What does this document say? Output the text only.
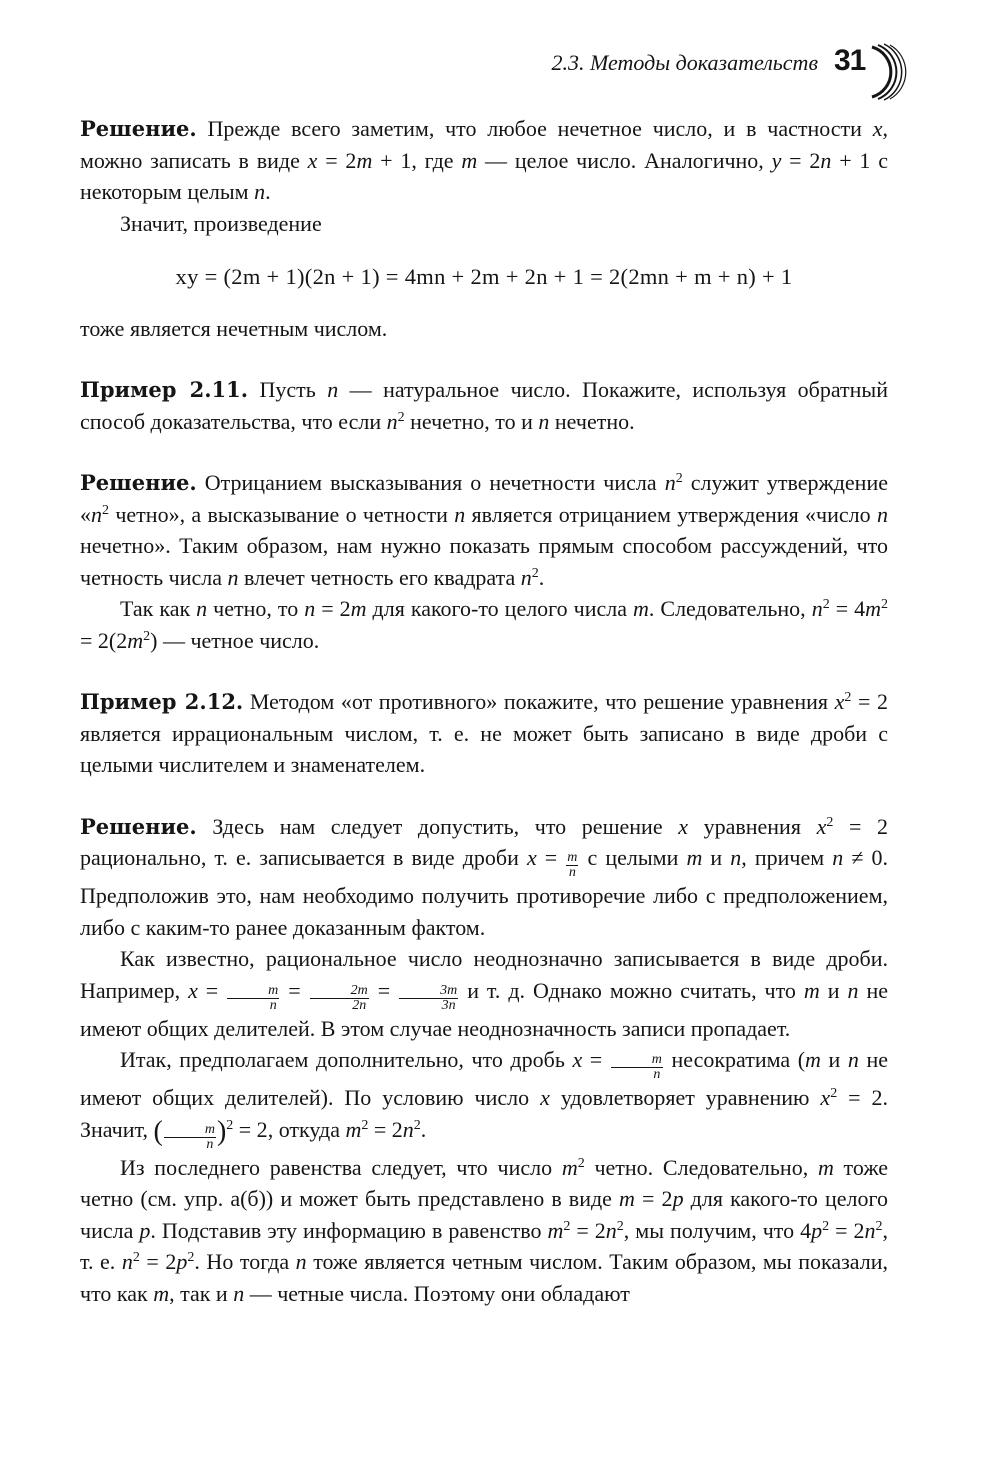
2.3. Методы доказательств 31

Решение. Прежде всего заметим, что любое нечетное число, и в частности x, можно записать в виде x = 2m + 1, где m — целое число. Аналогично, y = 2n + 1 с некоторым целым n.

Значит, произведение

xy = (2m + 1)(2n + 1) = 4mn + 2m + 2n + 1 = 2(2mn + m + n) + 1

тоже является нечетным числом.

Пример 2.11. Пусть n — натуральное число. Покажите, используя обратный способ доказательства, что если $n^2$ нечетно, то и n нечетно.

Решение. Отрицанием высказывания о нечетности числа $n^2$ служит утверждение «$n^2$ четно», а высказывание о четности n является отрицанием утверждения «число n нечетно». Таким образом, нам нужно показать прямым способом рассуждений, что четность числа n влечет четность его квадрата $n^2$.

Так как n четно, то n = 2m для какого-то целого числа m. Следовательно, $n^2 = 4m^2 = 2(2m^2)$ — четное число.

Пример 2.12. Методом «от противного» покажите, что решение уравнения $x^2 = 2$ является иррациональным числом, т. е. не может быть записано в виде дроби с целыми числителем и знаменателем.

Решение. Здесь нам следует допустить, что решение x уравнения $x^2 = 2$ рационально, т. е. записывается в виде дроби $x = \frac{m}{n}$ с целыми m и n, причем n ≠ 0. Предположив это, нам необходимо получить противоречие либо с предположением, либо с каким-то ранее доказанным фактом.

Как известно, рациональное число неоднозначно записывается в виде дроби. Например, $x = \frac{m}{n} = \frac{2m}{2n} = \frac{3m}{3n}$ и т. д. Однако можно считать, что m и n не имеют общих делителей. В этом случае неоднозначность записи пропадает.

Итак, предполагаем дополнительно, что дробь $x = \frac{m}{n}$ несократима (m и n не имеют общих делителей). По условию число x удовлетворяет уравнению $x^2 = 2$. Значит, ( $\frac{m}{n} )^2 = 2$, откуда $m^2 = 2n^2$.

Из последнего равенства следует, что число $m^2$ четно. Следовательно, m тоже четно (см. упр. а(б)) и может быть представлено в виде m = 2p для какого-то целого числа p. Подставив эту информацию в равенство $m^2 = 2n^2$, мы получим, что $4p^2 = 2n^2$, т. е. $n^2 = 2p^2$. Но тогда n тоже является четным числом. Таким образом, мы показали, что как m, так и n — четные числа. Поэтому они обладают
